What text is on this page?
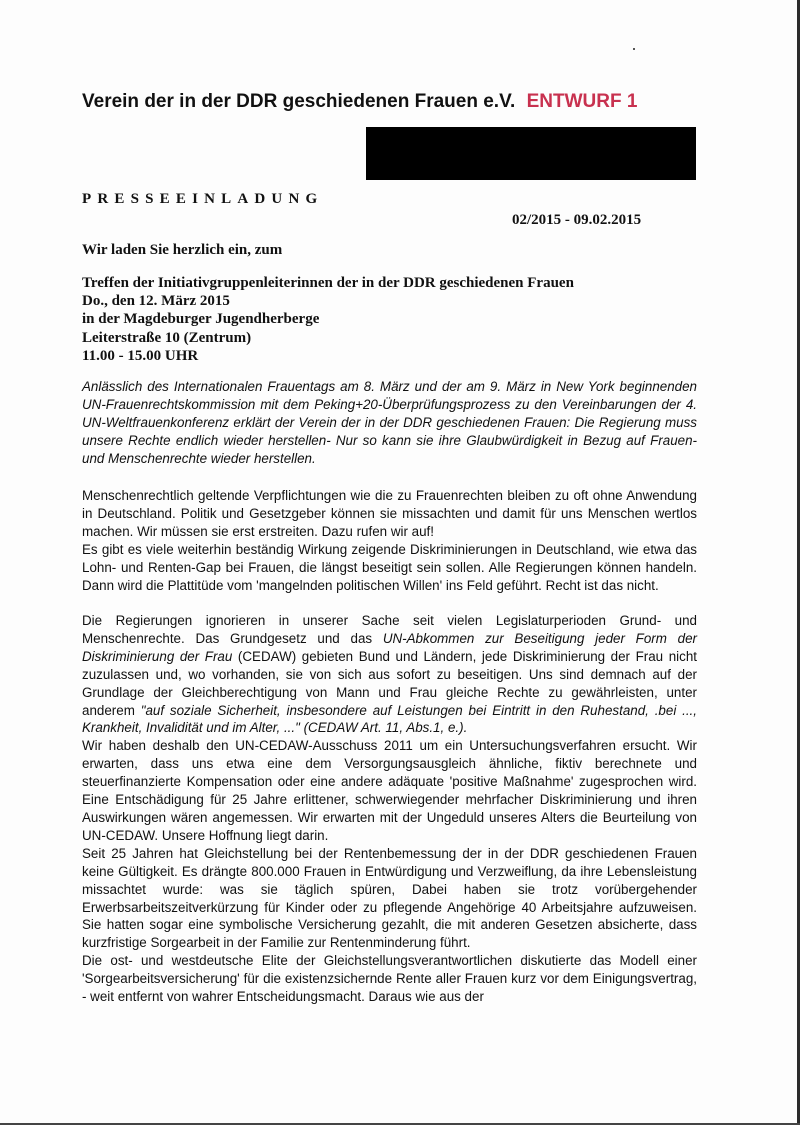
Verein der in der DDR geschiedenen Frauen e.V. ENTWURF 1
PRESSEEINLADUNG
02/2015 - 09.02.2015
Wir laden Sie herzlich ein, zum
Treffen der Initiativgruppenleiterinnen der in der DDR geschiedenen Frauen
Do., den 12. März 2015
in der Magdeburger Jugendherberge
Leiterstraße 10 (Zentrum)
11.00 - 15.00 UHR

Anlässlich des Internationalen Frauentags am 8. März und der am 9. März in New York beginnenden UN-Frauenrechtskommission mit dem Peking+20-Überprüfungsprozess zu den Vereinbarungen der 4. UN-Weltfrauenkonferenz erklärt der Verein der in der DDR geschiedenen Frauen: Die Regierung muss unsere Rechte endlich wieder herstellen- Nur so kann sie ihre Glaubwürdigkeit in Bezug auf Frauen- und Menschenrechte wieder herstellen.

Menschenrechtlich geltende Verpflichtungen wie die zu Frauenrechten bleiben zu oft ohne Anwendung in Deutschland. Politik und Gesetzgeber können sie missachten und damit für uns Menschen wertlos machen. Wir müssen sie erst erstreiten. Dazu rufen wir auf!

Es gibt es viele weiterhin beständig Wirkung zeigende Diskriminierungen in Deutschland, wie etwa das Lohn- und Renten-Gap bei Frauen, die längst beseitigt sein sollen. Alle Regierungen können handeln. Dann wird die Plattitüde vom 'mangelnden politischen Willen' ins Feld geführt. Recht ist das nicht.

Die Regierungen ignorieren in unserer Sache seit vielen Legislaturperioden Grund- und Menschenrechte. Das Grundgesetz und das UN-Abkommen zur Beseitigung jeder Form der Diskriminierung der Frau (CEDAW) gebieten Bund und Ländern, jede Diskriminierung der Frau nicht zuzulassen und, wo vorhanden, sie von sich aus sofort zu beseitigen. Uns sind demnach auf der Grundlage der Gleichberechtigung von Mann und Frau gleiche Rechte zu gewährleisten, unter anderem "auf soziale Sicherheit, insbesondere auf Leistungen bei Eintritt in den Ruhestand, .bei ..., Krankheit, Invalidität und im Alter, ..." (CEDAW Art. 11, Abs.1, e.).

Wir haben deshalb den UN-CEDAW-Ausschuss 2011 um ein Untersuchungsverfahren ersucht. Wir erwarten, dass uns etwa eine dem Versorgungsausgleich ähnliche, fiktiv berechnete und steuerfinanzierte Kompensation oder eine andere adäquate 'positive Maßnahme' zugesprochen wird. Eine Entschädigung für 25 Jahre erlittener, schwerwiegender mehrfacher Diskriminierung und ihren Auswirkungen wären angemessen. Wir erwarten mit der Ungeduld unseres Alters die Beurteilung von UN-CEDAW. Unsere Hoffnung liegt darin.

Seit 25 Jahren hat Gleichstellung bei der Rentenbemessung der in der DDR geschiedenen Frauen keine Gültigkeit. Es drängte 800.000 Frauen in Entwürdigung und Verzweiflung, da ihre Lebensleistung missachtet wurde: was sie täglich spüren, Dabei haben sie trotz vorübergehender Erwerbsarbeitszeitverkürzung für Kinder oder zu pflegende Angehörige 40 Arbeitsjahre aufzuweisen. Sie hatten sogar eine symbolische Versicherung gezahlt, die mit anderen Gesetzen absicherte, dass kurzfristige Sorgearbeit in der Familie zur Rentenminderung führt.

Die ost- und westdeutsche Elite der Gleichstellungsverantwortlichen diskutierte das Modell einer 'Sorgearbeitsversicherung' für die existenzsichernde Rente aller Frauen kurz vor dem Einigungsvertrag, - weit entfernt von wahrer Entscheidungsmacht. Daraus wie aus der
